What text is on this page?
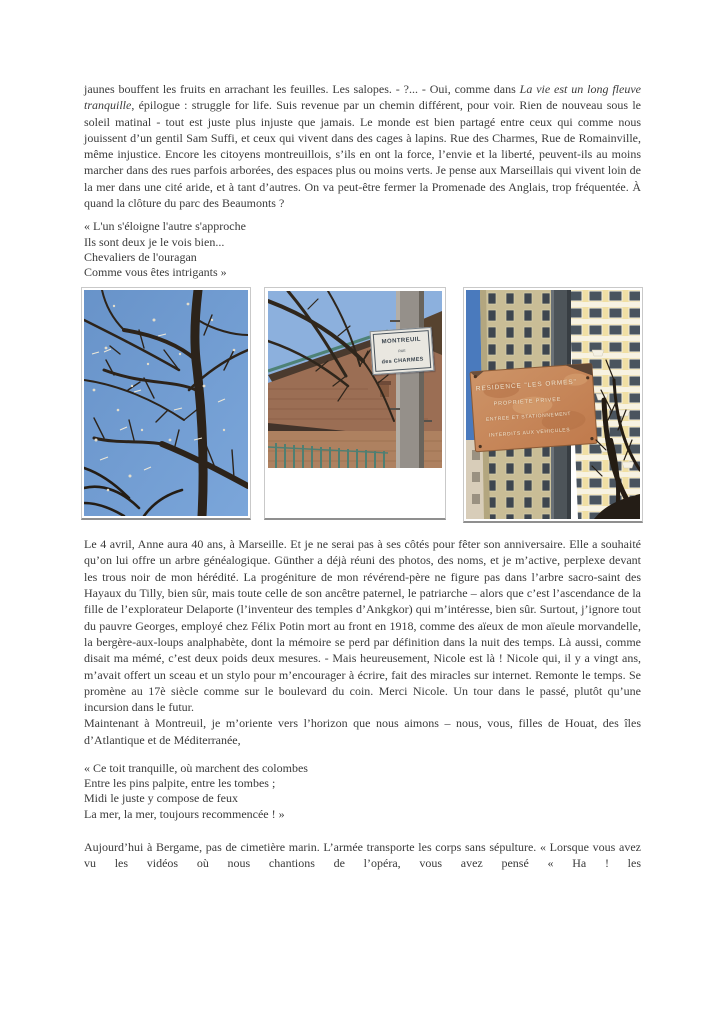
jaunes bouffent les fruits en arrachant les feuilles. Les salopes. - ?... - Oui, comme dans La vie est un long fleuve tranquille, épilogue : struggle for life. Suis revenue par un chemin différent, pour voir. Rien de nouveau sous le soleil matinal - tout est juste plus injuste que jamais. Le monde est bien partagé entre ceux qui comme nous jouissent d’un gentil Sam Suffi, et ceux qui vivent dans des cages à lapins. Rue des Charmes, Rue de Romainville, même injustice. Encore les citoyens montreuillois, s’ils en ont la force, l’envie et la liberté, peuvent-ils au moins marcher dans des rues parfois arborées, des espaces plus ou moins verts. Je pense aux Marseillais qui vivent loin de la mer dans une cité aride, et à tant d’autres. On va peut-être fermer la Promenade des Anglais, trop fréquentée. À quand la clôture du parc des Beaumonts ?

« L'un s'éloigne l'autre s'approche
Ils sont deux je le vois bien...
Chevaliers de l'ouragan
Comme vous êtes intrigants »
MONTREUIL
RUE
des CHARMES
RESIDENCE "LES ORMES"
PROPRIETE PRIVEE
ENTREE ET STATIONNEMENT
INTERDITS AUX VEHICULES

Le 4 avril, Anne aura 40 ans, à Marseille. Et je ne serai pas à ses côtés pour fêter son anniversaire. Elle a souhaité qu’on lui offre un arbre généalogique. Günther a déjà réuni des photos, des noms, et je m’active, perplexe devant les trous noir de mon hérédité. La progéniture de mon révérend-père ne figure pas dans l’arbre sacro-saint des Hayaux du Tilly, bien sûr, mais toute celle de son ancêtre paternel, le patriarche – alors que c’est l’ascendance de la fille de l’explorateur Delaporte (l’inventeur des temples d’Ankgkor) qui m’intéresse, bien sûr. Surtout, j’ignore tout du pauvre Georges, employé chez Félix Potin mort au front en 1918, comme des aïeux de mon aïeule morvandelle, la bergère-aux-loups analphabète, dont la mémoire se perd par définition dans la nuit des temps. Là aussi, comme disait ma mémé, c’est deux poids deux mesures. - Mais heureusement, Nicole est là ! Nicole qui, il y a vingt ans, m’avait offert un sceau et un stylo pour m’encourager à écrire, fait des miracles sur internet. Remonte le temps. Se promène au 17è siècle comme sur le boulevard du coin. Merci Nicole. Un tour dans le passé, plutôt qu’une incursion dans le futur.

Maintenant à Montreuil, je m’oriente vers l’horizon que nous aimons – nous, vous, filles de Houat, des îles d’Atlantique et de Méditerranée,

« Ce toit tranquille, où marchent des colombes
Entre les pins palpite, entre les tombes ;
Midi le juste y compose de feux
La mer, la mer, toujours recommencée ! »

Aujourd’hui à Bergame, pas de cimetière marin. L’armée transporte les corps sans sépulture. « Lorsque vous avez vu les vidéos où nous chantions de l’opéra, vous avez pensé « Ha ! les
